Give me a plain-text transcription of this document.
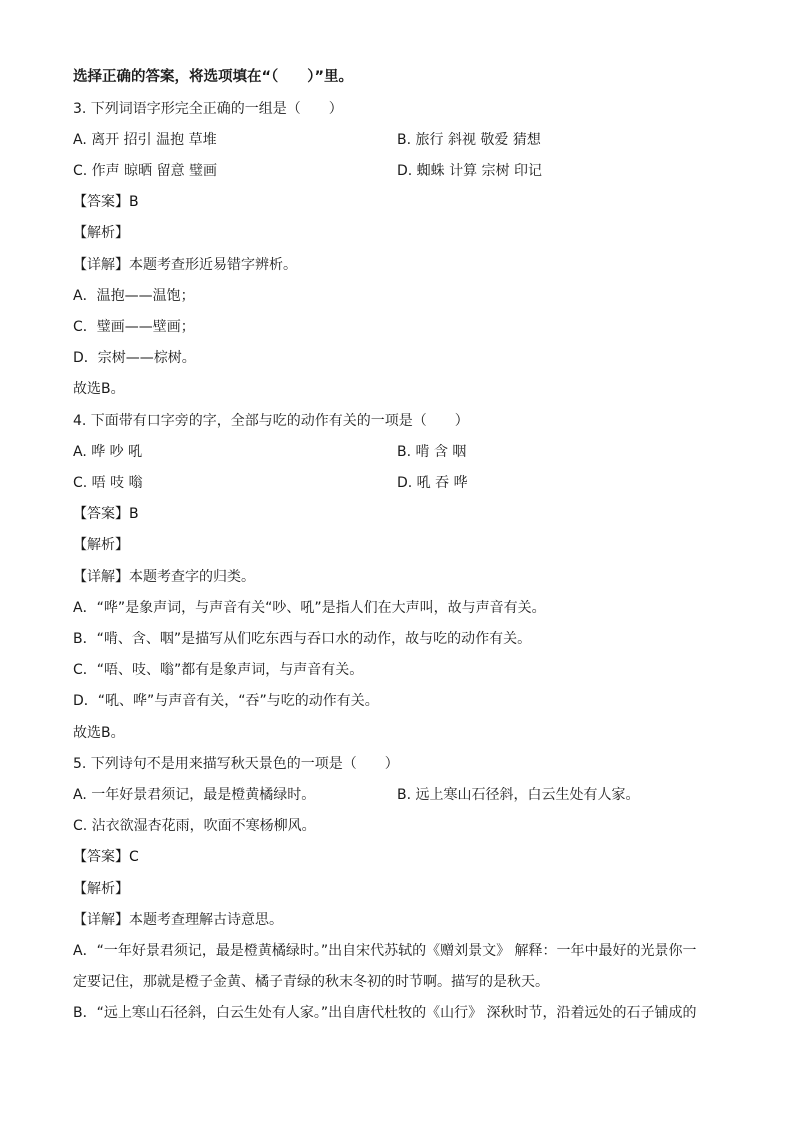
选择正确的答案，将选项填在“（　　）”里。
3. 下列词语字形完全正确的一组是（　　）
A. 离开 招引 温抱 草堆	B. 旅行 斜视 敬爱 猜想
C. 作声 晾晒 留意 璧画	D. 蜘蛛 计算 宗树 印记
【答案】B
【解析】
【详解】本题考查形近易错字辨析。
A．温抱——温饱；
C．璧画——壁画；
D．宗树——棕树。
故选B。
4. 下面带有口字旁的字，全部与吃的动作有关的一项是（　　）
A. 哗 吵 吼	B. 啃 含 咽
C. 唔 吱 嗡	D. 吼 吞 哗
【答案】B
【解析】
【详解】本题考查字的归类。
A．“哗”是象声词，与声音有关“吵、吼”是指人们在大声叫，故与声音有关。
B．“啃、含、咽”是描写从们吃东西与吞口水的动作，故与吃的动作有关。
C．“唔、吱、嗡”都有是象声词，与声音有关。
D．“吼、哗”与声音有关，“吞”与吃的动作有关。
故选B。
5. 下列诗句不是用来描写秋天景色的一项是（　　）
A. 一年好景君须记，最是橙黄橘绿时。	B. 远上寒山石径斜，白云生处有人家。
C. 沾衣欲湿杏花雨，吹面不寒杨柳风。
【答案】C
【解析】
【详解】本题考查理解古诗意思。
A．“一年好景君须记，最是橙黄橘绿时。”出自宋代苏轼的《赠刘景文》 解释：一年中最好的光景你一
定要记住，那就是橙子金黄、橘子青绿的秋末冬初的时节啊。描写的是秋天。
B．“远上寒山石径斜，白云生处有人家。”出自唐代杜牧的《山行》 深秋时节，沿着远处的石子铺成的
